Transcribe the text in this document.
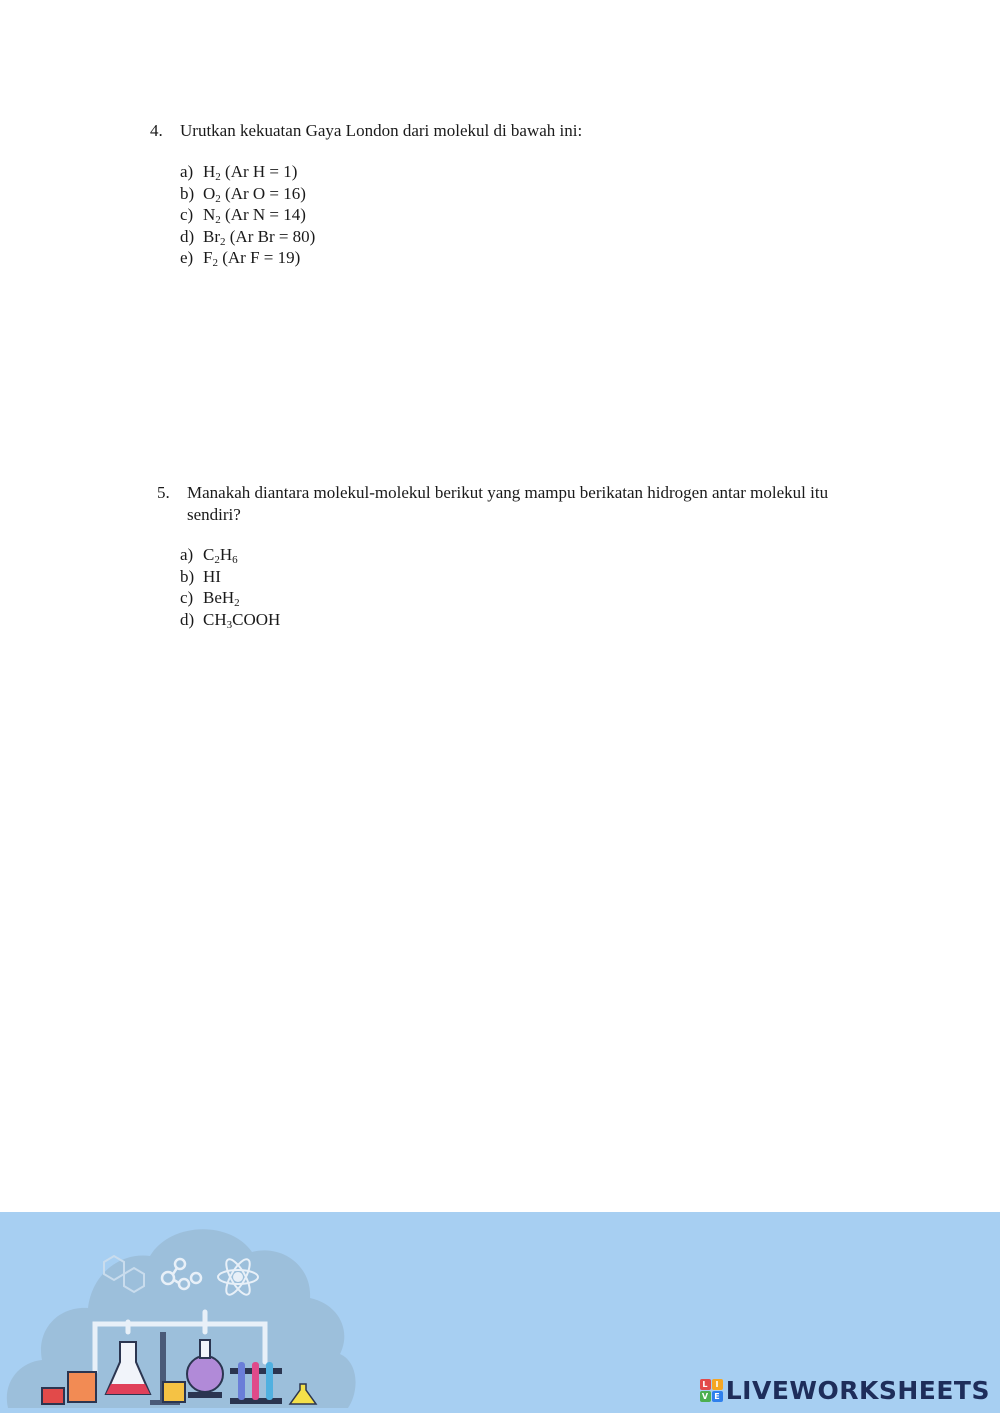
4. Urutkan kekuatan Gaya London dari molekul di bawah ini:
a) $H_2$ (Ar H = 1)
b) $O_2$ (Ar O = 16)
c) $N_2$ (Ar N = 14)
d) $Br_2$ (Ar Br = 80)
e) $F_2$ (Ar F = 19)
5. Manakah diantara molekul-molekul berikut yang mampu berikatan hidrogen antar molekul itu
sendiri?
a) $C_2H_6$
b) HI
c) BeH$_2$
d) $CH_3COOH$
L I
V E LIVEWORKSHEETS
